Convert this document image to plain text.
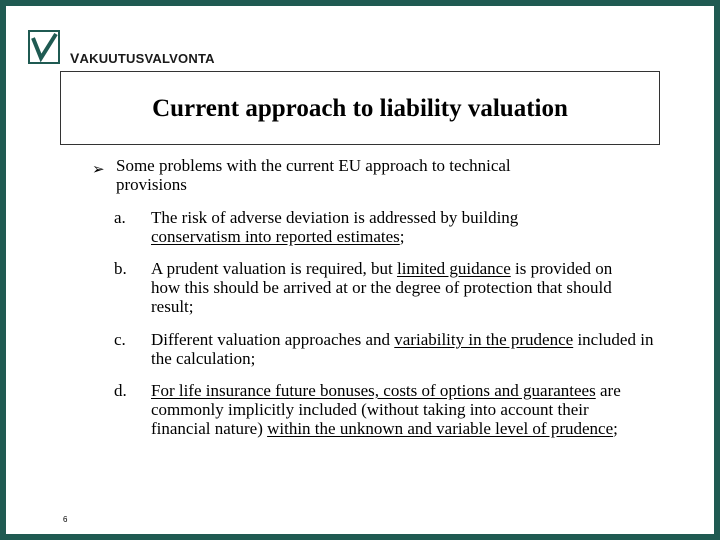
VAKUUTUSVALVONTA
Current approach to liability valuation
➢ Some problems with the current EU approach to technical
provisions
a. The risk of adverse deviation is addressed by building
conservatism into reported estimates;
b. A prudent valuation is required, but limited guidance is provided on how this should be arrived at or the degree of protection that should result;
c. Different valuation approaches and variability in the prudence included in the calculation;
d. For life insurance future bonuses, costs of options and guarantees are commonly implicitly included (without taking into account their financial nature) within the unknown and variable level of prudence;
6
